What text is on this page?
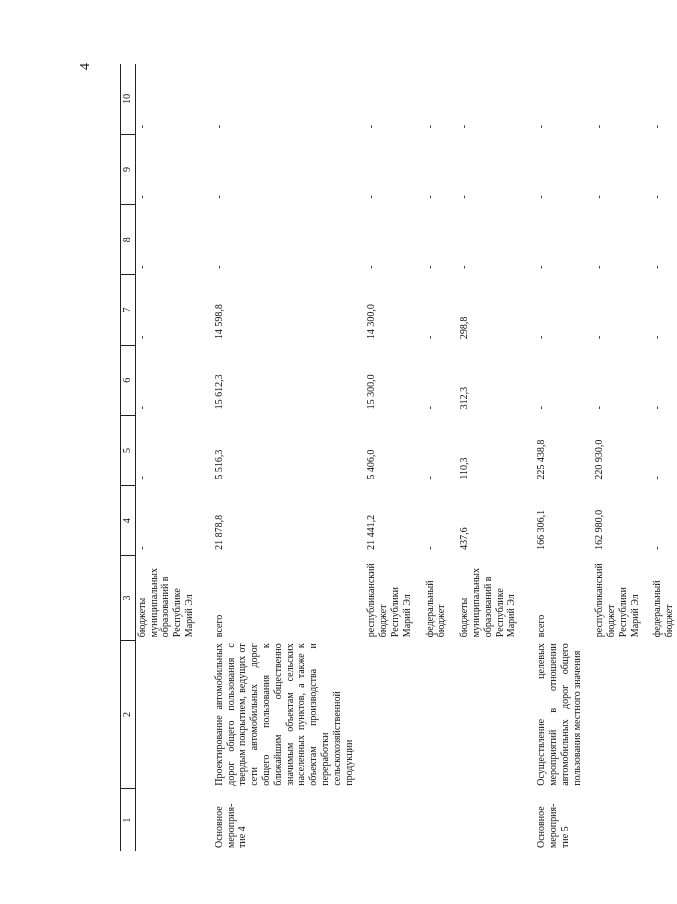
4
1	2	3	4	5	6	7	8	9	10
		бюджеты муниципальных образований в Республике Марий Эл	-	-	-	-	-	-	-

Основное мероприя-тие 4	Проектирование автомобильных дорог общего пользования с твердым покрытием, ведущих от сети автомобильных дорог общего пользования к ближайшим общественно значимым объектам сельских населенных пунктов, а также к объектам производства и переработки сельскохозяйственной продукции	всего	21 878,8	5 516,3	15 612,3	14 598,8	-	-	-
		республиканский бюджет Республики Марий Эл	21 441,2	5 406,0	15 300,0	14 300,0	-	-	-
		федеральный бюджет	-	-	-	-	-	-	-
		бюджеты муниципальных образований в Республике Марий Эл	437,6	110,3	312,3	298,8	-	-	-

Основное мероприя-тие 5	Осуществление целевых мероприятий в отношении автомобильных дорог общего пользования местного значения	всего	166 306,1	225 438,8	-	-	-	-	-
		республиканский бюджет Республики Марий Эл	162 980,0	220 930,0	-	-	-	-	-
		федеральный бюджет	-	-	-	-	-	-	-
